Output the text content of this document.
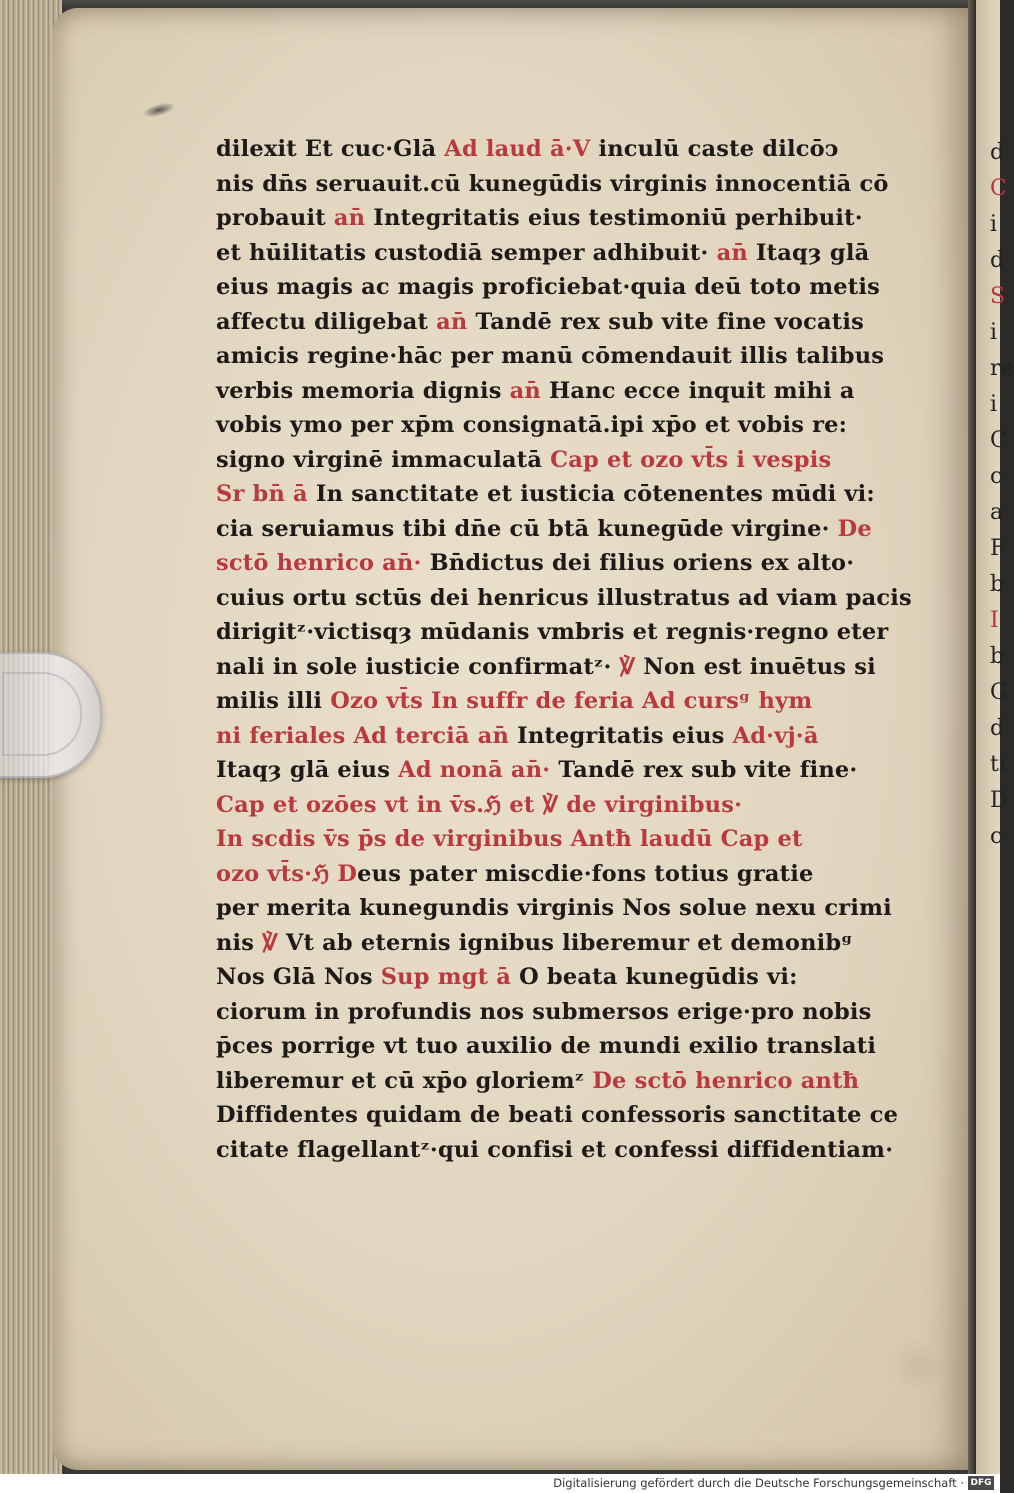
d
C
i
d
S
i
re
i
C
c
a
F
b
I
b
G
d
ti
D
c
dilexit Et cuc·Glā Ad laud ā·V inculū caste dilcōↄ
nis dn̄s seruauit.cū kunegūdis virginis innocentiā cō
probauit an̄ Integritatis eius testimoniū perhibuit·
et hūilitatis custodiā semper adhibuit· an̄ Itaqȝ glā
eius magis ac magis proficiebat·quia deū toto metis
affectu diligebat an̄ Tandē rex sub vite fine vocatis
amicis regine·hāc per manū cōmendauit illis talibus
verbis memoria dignis an̄ Hanc ecce inquit mihi a
vobis ymo per xp̄m consignatā.ipi xp̄o et vobis re:
signo virginē immaculatā Cap et ozo vt̄s i vespis
Sr bn̄ ā In sanctitate et iusticia cōtenentes mūdi vi:
cia seruiamus tibi dn̄e cū btā kunegūde virgine· De
sctō henrico an̄· Bn̄dictus dei filius oriens ex alto·
cuius ortu sctūs dei henricus illustratus ad viam pacis
dirigitᶻ·victisqȝ mūdanis vmbris et regnis·regno eter
nali in sole iusticie confirmatᶻ· ℣ Non est inuētus si
milis illi Ozo vt̄s In suffr de feria Ad cursᵍ hym
ni feriales Ad terciā an̄ Integritatis eius Ad·vj·ā
Itaqȝ glā eius Ad nonā an̄· Tandē rex sub vite fine·
Cap et ozōes vt in v̄s.ℌ et ℣ de virginibus·
In scdis v̄s p̄s de virginibus Antħ laudū Cap et
ozo vt̄s·ℌ Deus pater miscdie·fons totius gratie
per merita kunegundis virginis Nos solue nexu crimi
nis ℣ Vt ab eternis ignibus liberemur et demonibᵍ
Nos Glā Nos Sup mgt ā O beata kunegūdis vi:
ciorum in profundis nos submersos erige·pro nobis
p̄ces porrige vt tuo auxilio de mundi exilio translati
liberemur et cū xp̄o gloriemᶻ De sctō henrico antħ
Diffidentes quidam de beati confessoris sanctitate ce
citate flagellantᶻ·qui confisi et confessi diffidentiam·
Digitalisierung gefördert durch die Deutsche Forschungsgemeinschaft · DFG
